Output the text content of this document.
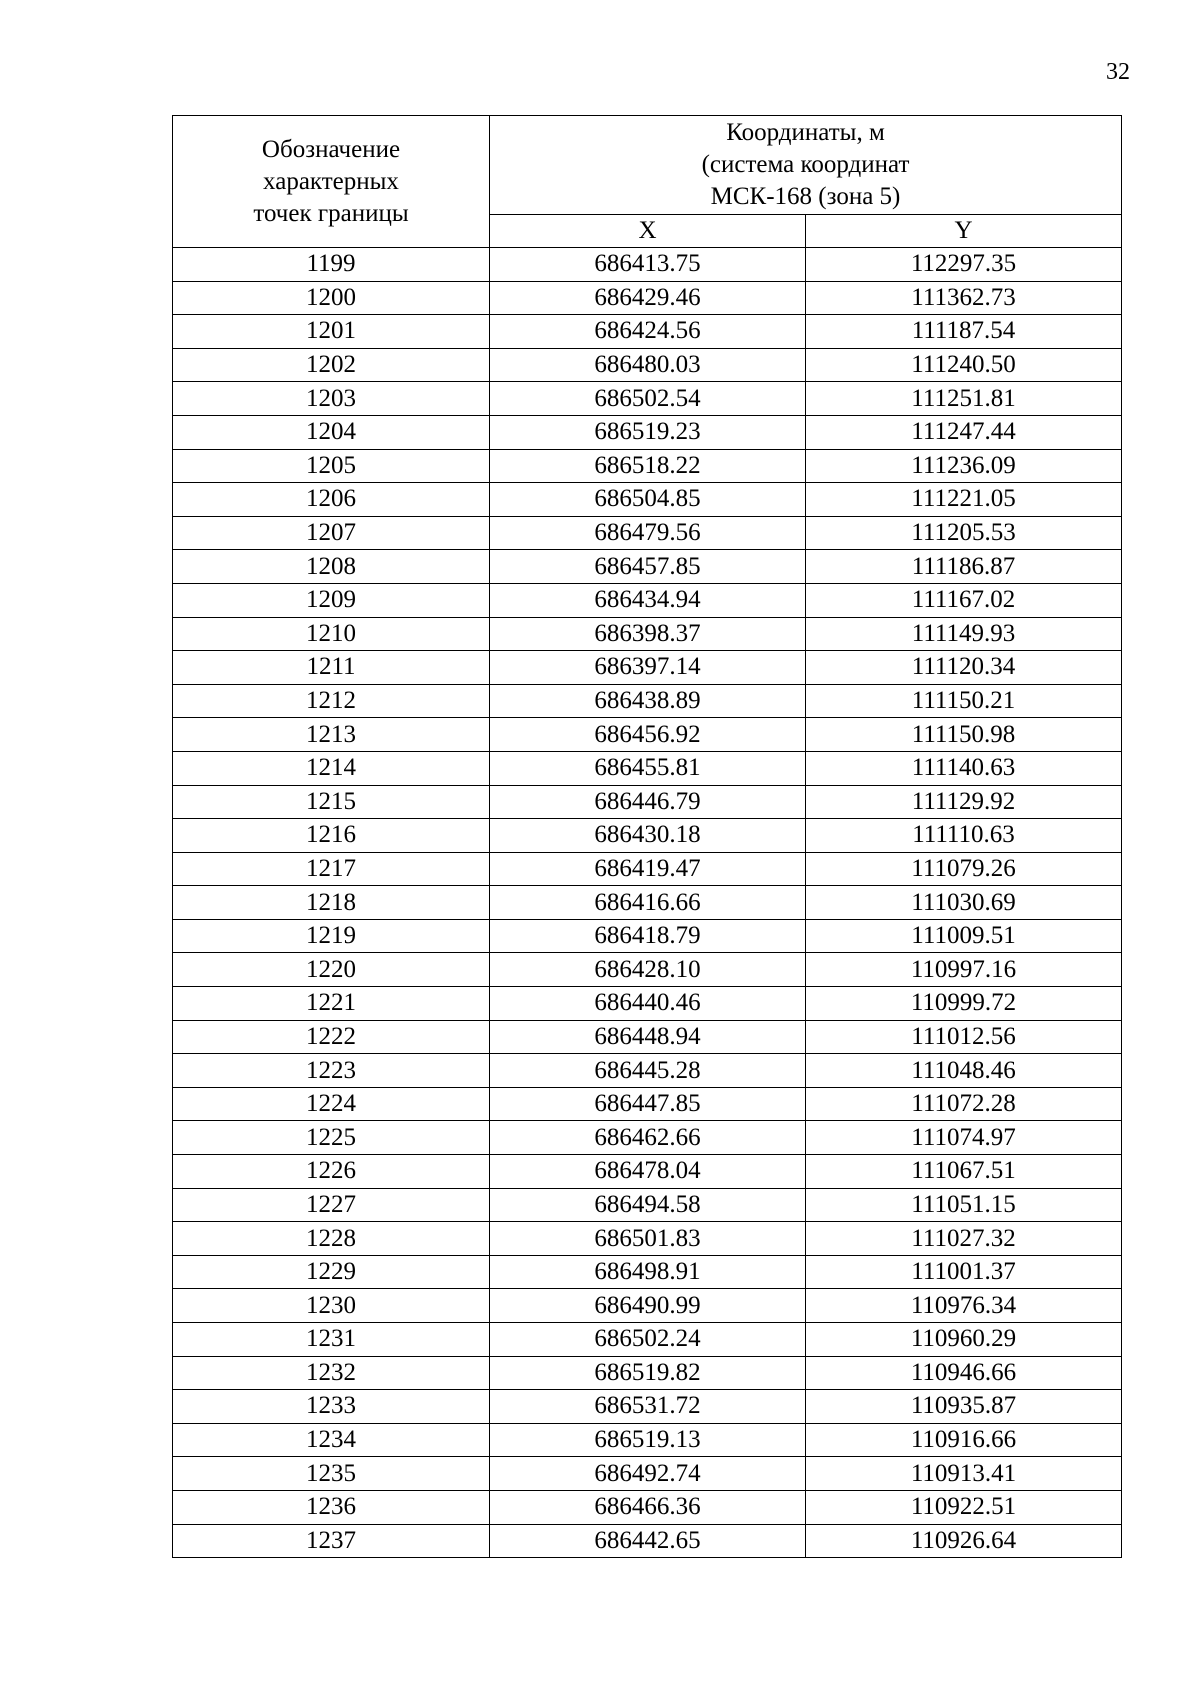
32
Обозначение
характерных
точек границы	Координаты, м
(система координат
МСК-168 (зона 5)	

	X	Y
1199	686413.75	112297.35
1200	686429.46	111362.73
1201	686424.56	111187.54
1202	686480.03	111240.50
1203	686502.54	111251.81
1204	686519.23	111247.44
1205	686518.22	111236.09
1206	686504.85	111221.05
1207	686479.56	111205.53
1208	686457.85	111186.87
1209	686434.94	111167.02
1210	686398.37	111149.93
1211	686397.14	111120.34
1212	686438.89	111150.21
1213	686456.92	111150.98
1214	686455.81	111140.63
1215	686446.79	111129.92
1216	686430.18	111110.63
1217	686419.47	111079.26
1218	686416.66	111030.69
1219	686418.79	111009.51
1220	686428.10	110997.16
1221	686440.46	110999.72
1222	686448.94	111012.56
1223	686445.28	111048.46
1224	686447.85	111072.28
1225	686462.66	111074.97
1226	686478.04	111067.51
1227	686494.58	111051.15
1228	686501.83	111027.32
1229	686498.91	111001.37
1230	686490.99	110976.34
1231	686502.24	110960.29
1232	686519.82	110946.66
1233	686531.72	110935.87
1234	686519.13	110916.66
1235	686492.74	110913.41
1236	686466.36	110922.51
1237	686442.65	110926.64
